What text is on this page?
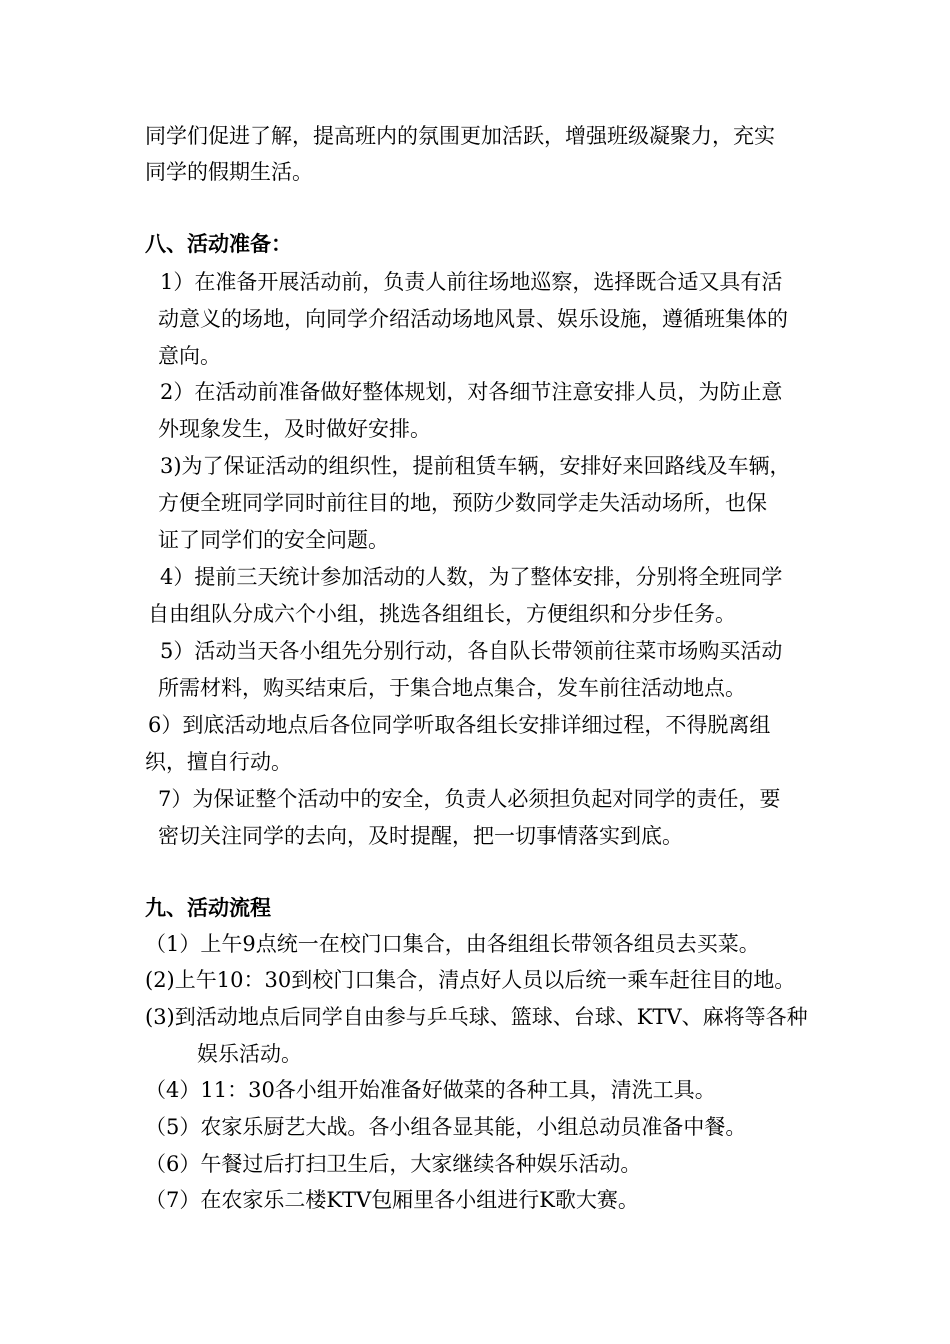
同学们促进了解，提高班内的氛围更加活跃，增强班级凝聚力，充实
同学的假期生活。
八、活动准备：
1）在准备开展活动前，负责人前往场地巡察，选择既合适又具有活
动意义的场地，向同学介绍活动场地风景、娱乐设施，遵循班集体的
意向。
2）在活动前准备做好整体规划，对各细节注意安排人员，为防止意
外现象发生，及时做好安排。
3)为了保证活动的组织性，提前租赁车辆，安排好来回路线及车辆，
方便全班同学同时前往目的地，预防少数同学走失活动场所，也保
证了同学们的安全问题。
4）提前三天统计参加活动的人数，为了整体安排，分别将全班同学
自由组队分成六个小组，挑选各组组长，方便组织和分步任务。
5）活动当天各小组先分别行动，各自队长带领前往菜市场购买活动
所需材料，购买结束后，于集合地点集合，发车前往活动地点。
6）到底活动地点后各位同学听取各组长安排详细过程，不得脱离组
织，擅自行动。
7）为保证整个活动中的安全，负责人必须担负起对同学的责任，要
密切关注同学的去向，及时提醒，把一切事情落实到底。
九、活动流程
（1）上午9点统一在校门口集合，由各组组长带领各组员去买菜。
(2)上午10：30到校门口集合，清点好人员以后统一乘车赶往目的地。
(3)到活动地点后同学自由参与乒乓球、篮球、台球、KTV、麻将等各种
娱乐活动。
（4）11：30各小组开始准备好做菜的各种工具，清洗工具。
（5）农家乐厨艺大战。各小组各显其能，小组总动员准备中餐。
（6）午餐过后打扫卫生后，大家继续各种娱乐活动。
（7）在农家乐二楼KTV包厢里各小组进行K歌大赛。
